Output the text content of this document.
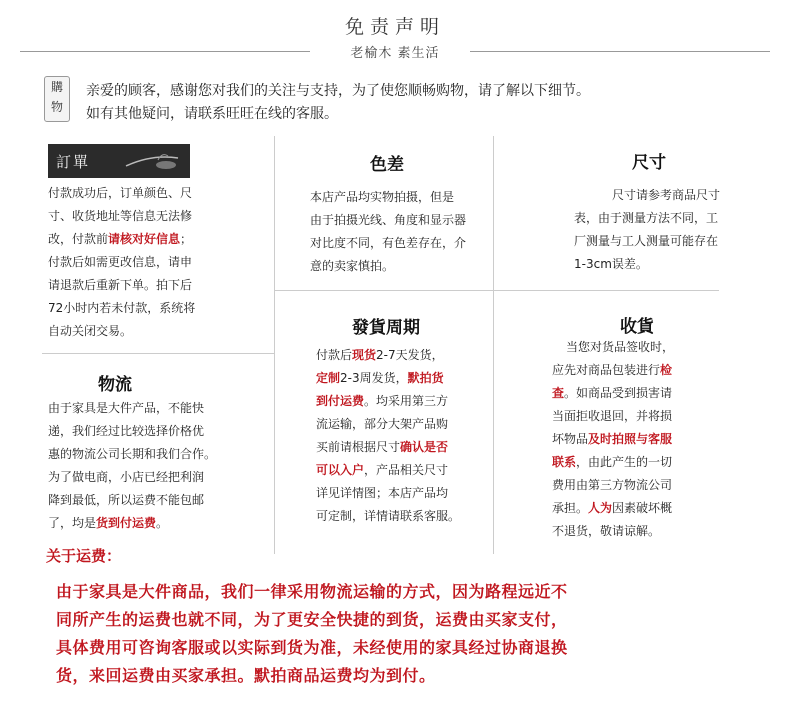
免责声明
老榆木 素生活
購
物
亲爱的顾客，感谢您对我们的关注与支持，为了使您顺畅购物，请了解以下细节。
如有其他疑问，请联系旺旺在线的客服。
訂單
付款成功后，订单颜色、尺
寸、收货地址等信息无法修
改，付款前请核对好信息；
付款后如需更改信息，请申
请退款后重新下单。拍下后
72小时内若未付款，系统将
自动关闭交易。
色差
本店产品均实物拍摄，但是
由于拍摄光线、角度和显示器
对比度不同，有色差存在，介
意的卖家慎拍。
尺寸
尺寸请参考商品尺寸
表，由于测量方法不同，工
厂测量与工人测量可能存在
1-3cm误差。
物流
由于家具是大件产品，不能快
递，我们经过比较选择价格优
惠的物流公司长期和我们合作。
为了做电商，小店已经把利润
降到最低，所以运费不能包邮
了，均是货到付运费。
發貨周期
付款后现货2-7天发货，
定制2-3周发货，默拍货
到付运费。均采用第三方
流运输，部分大架产品购
买前请根据尺寸确认是否
可以入户，产品相关尺寸
详见详情图；本店产品均
可定制，详情请联系客服。
收貨
当您对货品签收时，
应先对商品包装进行检
查。如商品受到损害请
当面拒收退回，并将损
坏物品及时拍照与客服
联系，由此产生的一切
费用由第三方物流公司
承担。人为因素破坏概
不退货，敬请谅解。
关于运费：
由于家具是大件商品，我们一律采用物流运输的方式，因为路程远近不
同所产生的运费也就不同，为了更安全快捷的到货，运费由买家支付，
具体费用可咨询客服或以实际到货为准，未经使用的家具经过协商退换
货，来回运费由买家承担。默拍商品运费均为到付。
